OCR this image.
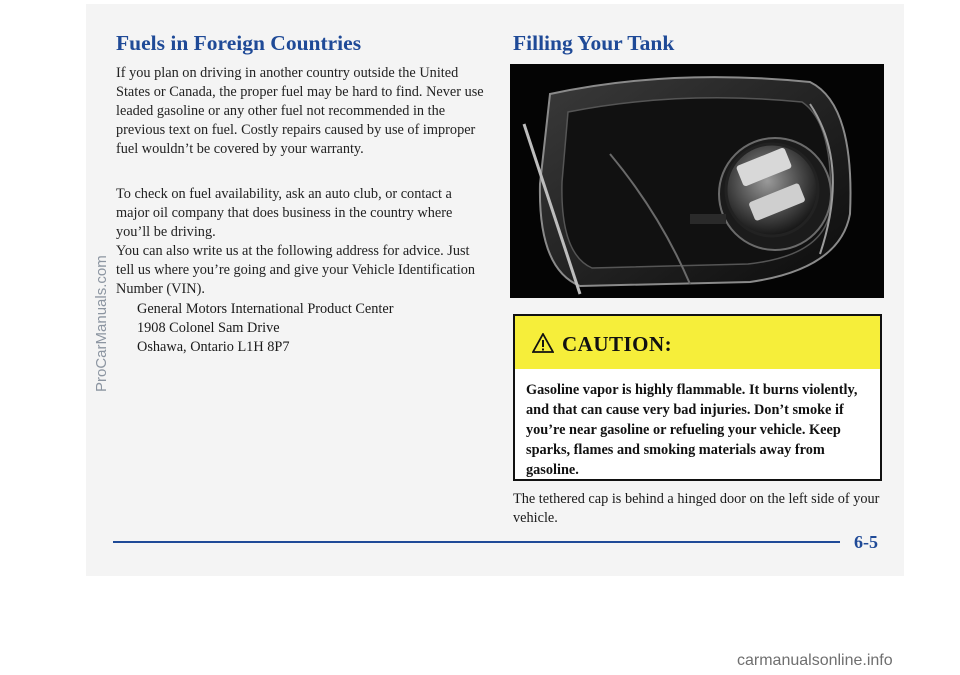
Fuels in Foreign Countries

If you plan on driving in another country outside the United States or Canada, the proper fuel may be hard to find. Never use leaded gasoline or any other fuel not recommended in the previous text on fuel. Costly repairs caused by use of improper fuel wouldn’t be covered by your warranty.

To check on fuel availability, ask an auto club, or contact a major oil company that does business in the country where you’ll be driving.

You can also write us at the following address for advice. Just tell us where you’re going and give your Vehicle Identification Number (VIN).

General Motors International Product Center

1908 Colonel Sam Drive

Oshawa, Ontario L1H 8P7

Filling Your Tank
CAUTION:

Gasoline vapor is highly flammable. It burns violently, and that can cause very bad injuries. Don’t smoke if you’re near gasoline or refueling your vehicle. Keep sparks, flames and smoking materials away from gasoline.

The tethered cap is behind a hinged door on the left side of your vehicle.

6-5
ProCarManuals.com
carmanualsonline.info
